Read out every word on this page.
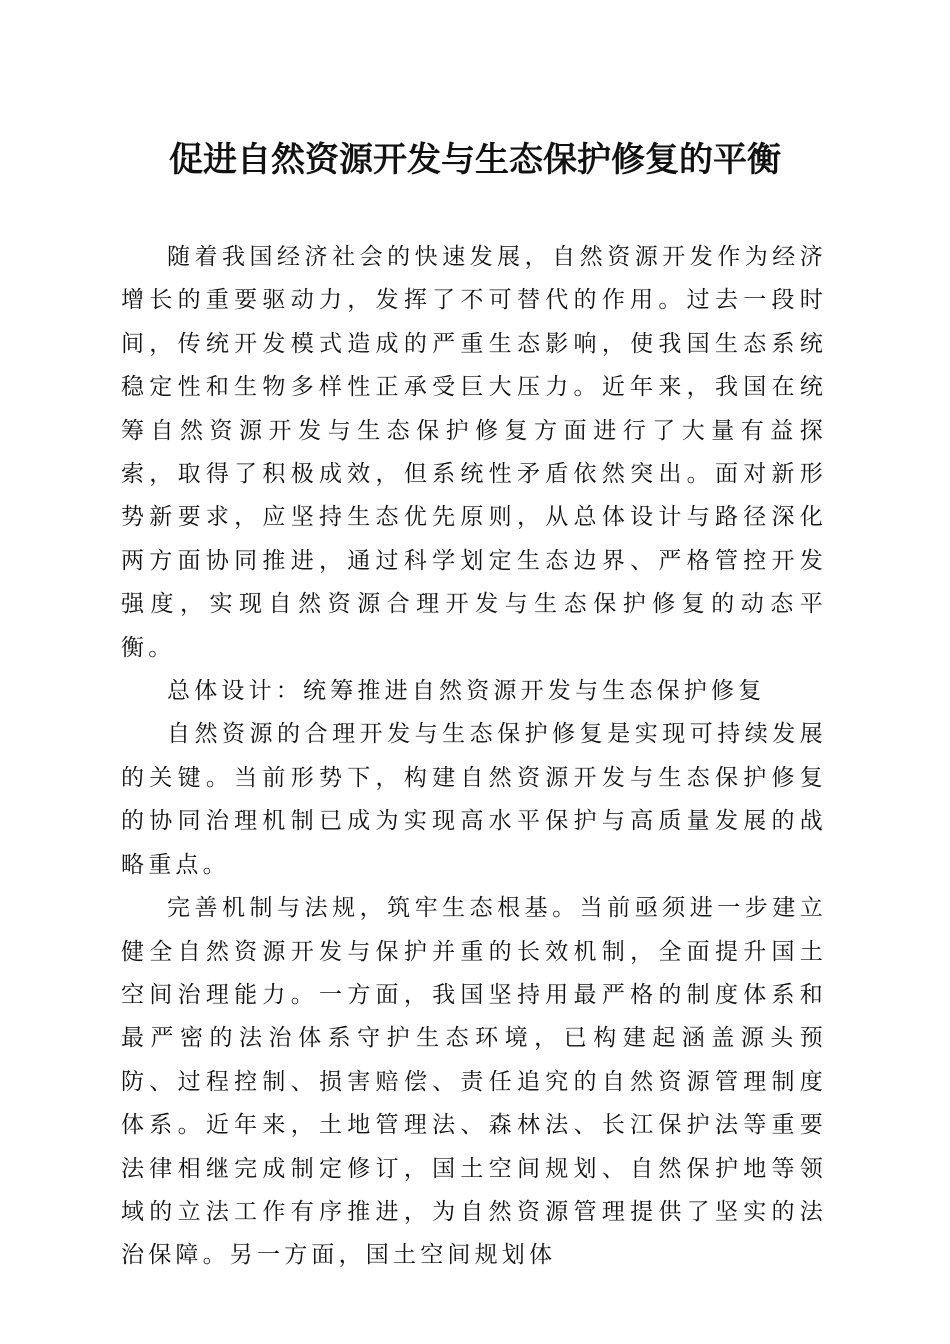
促进自然资源开发与生态保护修复的平衡

随着我国经济社会的快速发展，自然资源开发作为经济增长的重要驱动力，发挥了不可替代的作用。过去一段时间，传统开发模式造成的严重生态影响，使我国生态系统稳定性和生物多样性正承受巨大压力。近年来，我国在统筹自然资源开发与生态保护修复方面进行了大量有益探索，取得了积极成效，但系统性矛盾依然突出。面对新形势新要求，应坚持生态优先原则，从总体设计与路径深化两方面协同推进，通过科学划定生态边界、严格管控开发强度，实现自然资源合理开发与生态保护修复的动态平衡。

总体设计：统筹推进自然资源开发与生态保护修复

自然资源的合理开发与生态保护修复是实现可持续发展的关键。当前形势下，构建自然资源开发与生态保护修复的协同治理机制已成为实现高水平保护与高质量发展的战略重点。

完善机制与法规，筑牢生态根基。当前亟须进一步建立健全自然资源开发与保护并重的长效机制，全面提升国土空间治理能力。一方面，我国坚持用最严格的制度体系和最严密的法治体系守护生态环境，已构建起涵盖源头预防、过程控制、损害赔偿、责任追究的自然资源管理制度体系。近年来，土地管理法、森林法、长江保护法等重要法律相继完成制定修订，国土空间规划、自然保护地等领域的立法工作有序推进，为自然资源管理提供了坚实的法治保障。另一方面，国土空间规划体
